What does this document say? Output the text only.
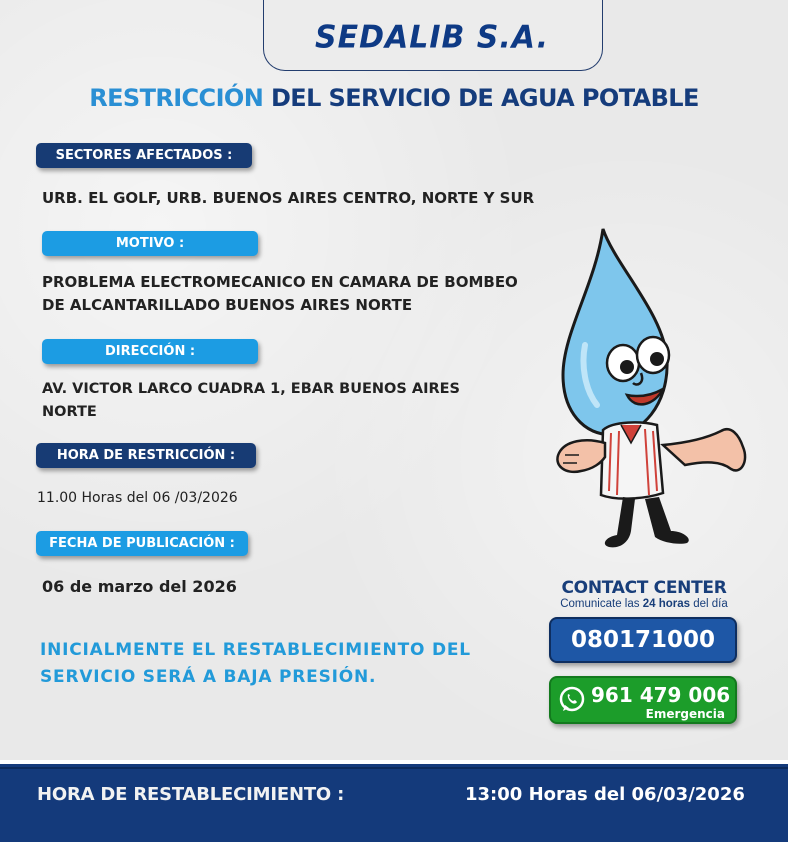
SEDALIB S.A.
RESTRICCIÓN DEL SERVICIO DE AGUA POTABLE
SECTORES AFECTADOS :
URB. EL GOLF, URB. BUENOS AIRES CENTRO, NORTE Y SUR
MOTIVO :
PROBLEMA ELECTROMECANICO EN CAMARA DE BOMBEO
DE ALCANTARILLADO BUENOS AIRES NORTE
DIRECCIÓN :
AV. VICTOR LARCO CUADRA 1, EBAR BUENOS AIRES
NORTE
HORA DE RESTRICCIÓN :
11.00 Horas del 06 /03/2026
FECHA DE PUBLICACIÓN :
06 de marzo del 2026
INICIALMENTE EL RESTABLECIMIENTO DEL
SERVICIO SERÁ A BAJA PRESIÓN.
CONTACT CENTER
Comunicate las 24 horas del día
080171000
961 479 006
Emergencia
HORA DE RESTABLECIMIENTO :	13:00 Horas del 06/03/2026
